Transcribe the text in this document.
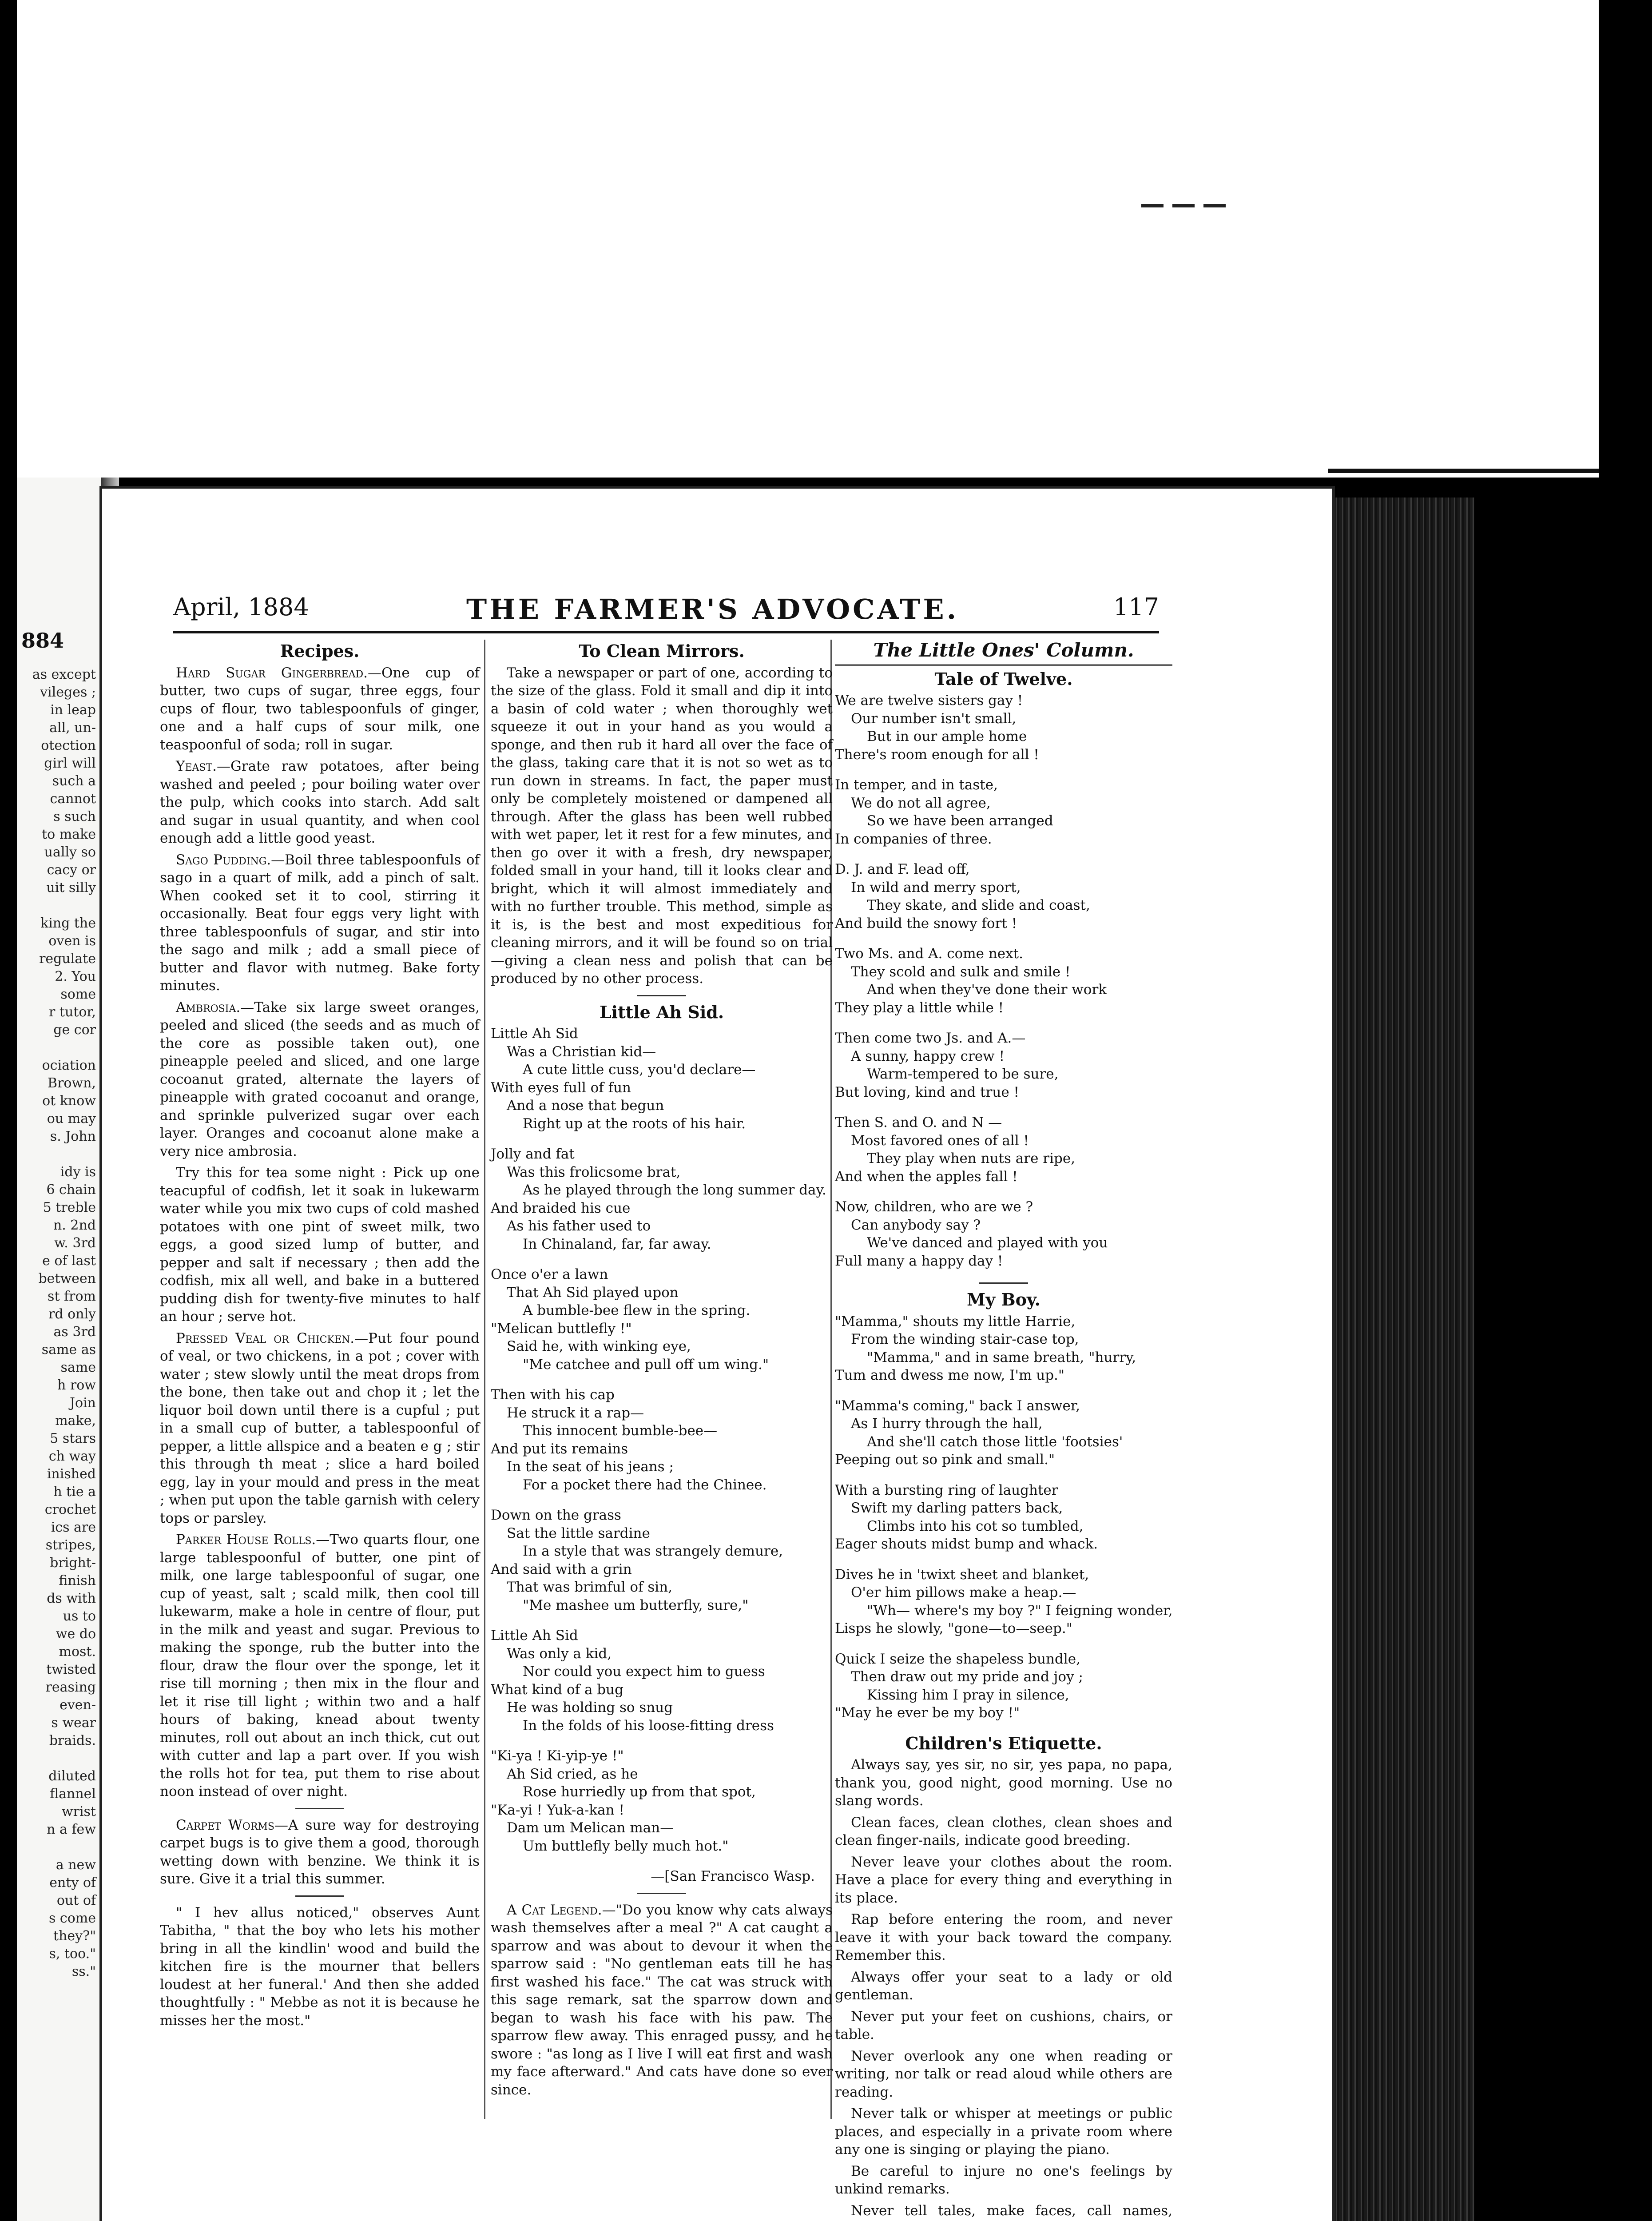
884
as except
vileges ;
in leap
all, un-
otection
girl will
such a
cannot
s such
to make
ually so
cacy or
uit silly

king the
oven is
regulate
2. You
some
r tutor,
ge cor

ociation
Brown,
ot know
ou may
s. John

idy is
6 chain
5 treble
n. 2nd
w. 3rd
e of last
between
st from
rd only
as 3rd
same as
same
h row
Join
make,
5 stars
ch way
inished
h tie a
crochet
ics are
stripes,
bright-
finish
ds with
us to
we do
most.
twisted
reasing
even-
s wear
braids.

diluted
flannel
wrist
n a few

a new
enty of
out of
s come
they?"
s, too."
ss."
April, 1884	THE FARMER'S ADVOCATE.	117
Recipes.

Hard Sugar Gingerbread.—One cup of butter, two cups of sugar, three eggs, four cups of flour, two tablespoonfuls of ginger, one and a half cups of sour milk, one teaspoonful of soda; roll in sugar.

Yeast.—Grate raw potatoes, after being washed and peeled ; pour boiling water over the pulp, which cooks into starch. Add salt and sugar in usual quantity, and when cool enough add a little good yeast.

Sago Pudding.—Boil three tablespoonfuls of sago in a quart of milk, add a pinch of salt. When cooked set it to cool, stirring it occasionally. Beat four eggs very light with three tablespoonfuls of sugar, and stir into the sago and milk ; add a small piece of butter and flavor with nutmeg. Bake forty minutes.

Ambrosia.—Take six large sweet oranges, peeled and sliced (the seeds and as much of the core as possible taken out), one pineapple peeled and sliced, and one large cocoanut grated, alternate the layers of pineapple with grated cocoanut and orange, and sprinkle pulverized sugar over each layer. Oranges and cocoanut alone make a very nice ambrosia.

Try this for tea some night : Pick up one teacupful of codfish, let it soak in lukewarm water while you mix two cups of cold mashed potatoes with one pint of sweet milk, two eggs, a good sized lump of butter, and pepper and salt if necessary ; then add the codfish, mix all well, and bake in a buttered pudding dish for twenty-five minutes to half an hour ; serve hot.

Pressed Veal or Chicken.—Put four pound of veal, or two chickens, in a pot ; cover with water ; stew slowly until the meat drops from the bone, then take out and chop it ; let the liquor boil down until there is a cupful ; put in a small cup of butter, a tablespoonful of pepper, a little allspice and a beaten e g ; stir this through th meat ; slice a hard boiled egg, lay in your mould and press in the meat ; when put upon the table garnish with celery tops or parsley.

Parker House Rolls.—Two quarts flour, one large tablespoonful of butter, one pint of milk, one large tablespoonful of sugar, one cup of yeast, salt ; scald milk, then cool till lukewarm, make a hole in centre of flour, put in the milk and yeast and sugar. Previous to making the sponge, rub the butter into the flour, draw the flour over the sponge, let it rise till morning ; then mix in the flour and let it rise till light ; within two and a half hours of baking, knead about twenty minutes, roll out about an inch thick, cut out with cutter and lap a part over. If you wish the rolls hot for tea, put them to rise about noon instead of over night.

Carpet Worms—A sure way for destroying carpet bugs is to give them a good, thorough wetting down with benzine. We think it is sure. Give it a trial this summer.

" I hev allus noticed," observes Aunt Tabitha, " that the boy who lets his mother bring in all the kindlin' wood and build the kitchen fire is the mourner that bellers loudest at her funeral.' And then she added thoughtfully : " Mebbe as not it is because he misses her the most."

To Clean Mirrors.

Take a newspaper or part of one, according to the size of the glass. Fold it small and dip it into a basin of cold water ; when thoroughly wet squeeze it out in your hand as you would a sponge, and then rub it hard all over the face of the glass, taking care that it is not so wet as to run down in streams. In fact, the paper must only be completely moistened or dampened all through. After the glass has been well rubbed with wet paper, let it rest for a few minutes, and then go over it with a fresh, dry newspaper, folded small in your hand, till it looks clear and bright, which it will almost immediately and with no further trouble. This method, simple as it is, is the best and most expeditious for cleaning mirrors, and it will be found so on trial—giving a clean ness and polish that can be produced by no other process.

Little Ah Sid.
Little Ah Sid
Was a Christian kid—
A cute little cuss, you'd declare—
With eyes full of fun
And a nose that begun
Right up at the roots of his hair.
Jolly and fat
Was this frolicsome brat,
As he played through the long summer day.
And braided his cue
As his father used to
In Chinaland, far, far away.
Once o'er a lawn
That Ah Sid played upon
A bumble-bee flew in the spring.
"Melican buttlefly !"
Said he, with winking eye,
"Me catchee and pull off um wing."
Then with his cap
He struck it a rap—
This innocent bumble-bee—
And put its remains
In the seat of his jeans ;
For a pocket there had the Chinee.
Down on the grass
Sat the little sardine
In a style that was strangely demure,
And said with a grin
That was brimful of sin,
"Me mashee um butterfly, sure,"
Little Ah Sid
Was only a kid,
Nor could you expect him to guess
What kind of a bug
He was holding so snug
In the folds of his loose-fitting dress
"Ki-ya ! Ki-yip-ye !"
Ah Sid cried, as he
Rose hurriedly up from that spot,
"Ka-yi ! Yuk-a-kan !
Dam um Melican man—
Um buttlefly belly much hot."
—[San Francisco Wasp.

A Cat Legend.—"Do you know why cats always wash themselves after a meal ?" A cat caught a sparrow and was about to devour it when the sparrow said : "No gentleman eats till he has first washed his face." The cat was struck with this sage remark, sat the sparrow down and began to wash his face with his paw. The sparrow flew away. This enraged pussy, and he swore : "as long as I live I will eat first and wash my face afterward." And cats have done so ever since.

The Little Ones' Column.
Tale of Twelve.
We are twelve sisters gay !
Our number isn't small,
But in our ample home
There's room enough for all !
In temper, and in taste,
We do not all agree,
So we have been arranged
In companies of three.
D. J. and F. lead off,
In wild and merry sport,
They skate, and slide and coast,
And build the snowy fort !
Two Ms. and A. come next.
They scold and sulk and smile !
And when they've done their work
They play a little while !
Then come two Js. and A.—
A sunny, happy crew !
Warm-tempered to be sure,
But loving, kind and true !
Then S. and O. and N —
Most favored ones of all !
They play when nuts are ripe,
And when the apples fall !
Now, children, who are we ?
Can anybody say ?
We've danced and played with you
Full many a happy day !
My Boy.
"Mamma," shouts my little Harrie,
From the winding stair-case top,
"Mamma," and in same breath, "hurry,
Tum and dwess me now, I'm up."
"Mamma's coming," back I answer,
As I hurry through the hall,
And she'll catch those little 'footsies'
Peeping out so pink and small."
With a bursting ring of laughter
Swift my darling patters back,
Climbs into his cot so tumbled,
Eager shouts midst bump and whack.
Dives he in 'twixt sheet and blanket,
O'er him pillows make a heap.—
"Wh— where's my boy ?" I feigning wonder,
Lisps he slowly, "gone—to—seep."
Quick I seize the shapeless bundle,
Then draw out my pride and joy ;
Kissing him I pray in silence,
"May he ever be my boy !"
Children's Etiquette.

Always say, yes sir, no sir, yes papa, no papa, thank you, good night, good morning. Use no slang words.

Clean faces, clean clothes, clean shoes and clean finger-nails, indicate good breeding.

Never leave your clothes about the room. Have a place for every thing and everything in its place.

Rap before entering the room, and never leave it with your back toward the company. Remember this.

Always offer your seat to a lady or old gentleman.

Never put your feet on cushions, chairs, or table.

Never overlook any one when reading or writing, nor talk or read aloud while others are reading.

Never talk or whisper at meetings or public places, and especially in a private room where any one is singing or playing the piano.

Be careful to injure no one's feelings by unkind remarks.

Never tell tales, make faces, call names,
